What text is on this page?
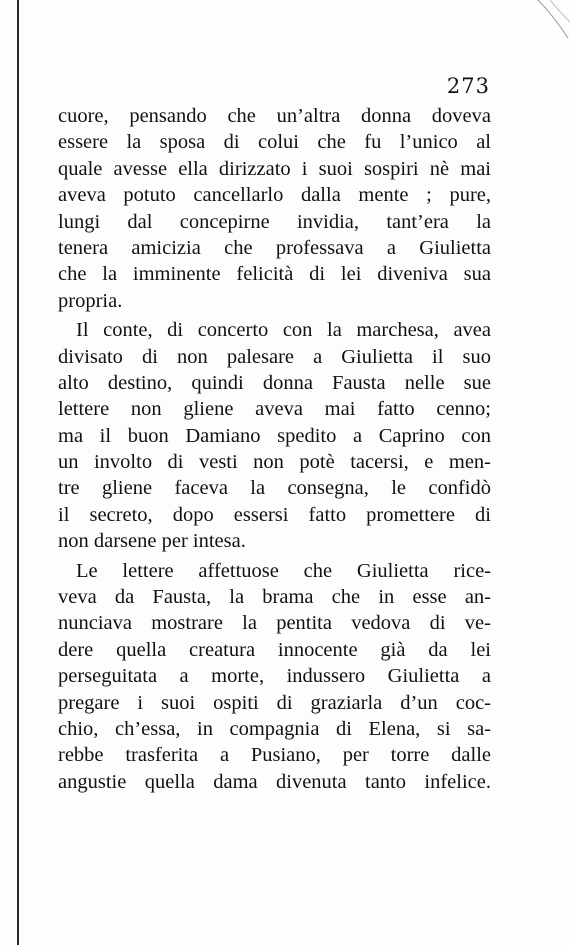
273
cuore, pensando che un’altra donna doveva
essere la sposa di colui che fu l’unico al
quale avesse ella dirizzato i suoi sospiri nè mai
aveva potuto cancellarlo dalla mente ; pure,
lungi dal concepirne invidia, tant’era la
tenera amicizia che professava a Giulietta
che la imminente felicità di lei diveniva sua
propria.
Il conte, di concerto con la marchesa, avea
divisato di non palesare a Giulietta il suo
alto destino, quindi donna Fausta nelle sue
lettere non gliene aveva mai fatto cenno;
ma il buon Damiano spedito a Caprino con
un involto di vesti non potè tacersi, e men-
tre gliene faceva la consegna, le confidò
il secreto, dopo essersi fatto promettere di
non darsene per intesa.
Le lettere affettuose che Giulietta rice-
veva da Fausta, la brama che in esse an-
nunciava mostrare la pentita vedova di ve-
dere quella creatura innocente già da lei
perseguitata a morte, indussero Giulietta a
pregare i suoi ospiti di graziarla d’un coc-
chio, ch’essa, in compagnia di Elena, si sa-
rebbe trasferita a Pusiano, per torre dalle
angustie quella dama divenuta tanto infelice.
